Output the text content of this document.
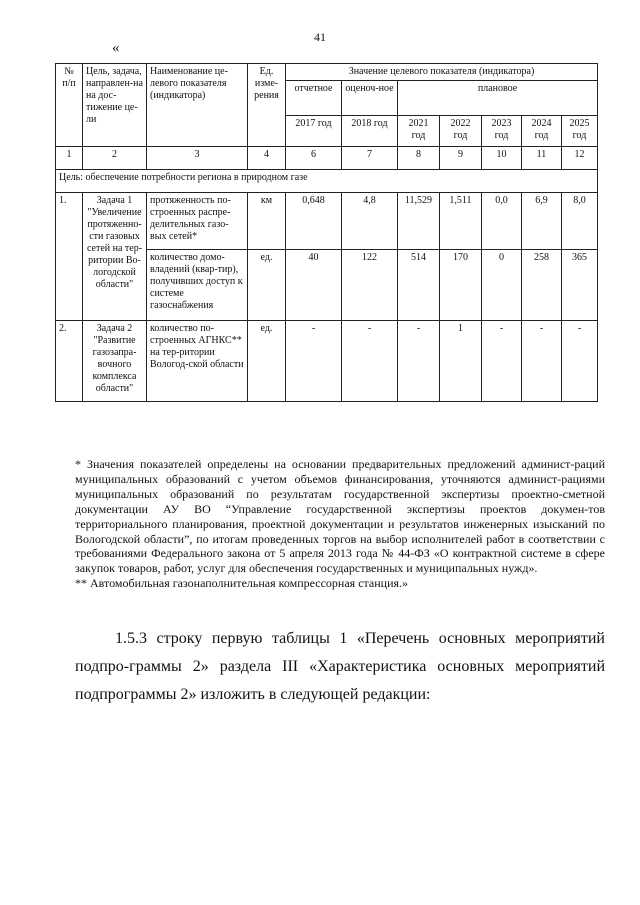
41
«
№ п/п	Цель, задача, направлен-на на дос-тижение це-ли	Наименование це-левого показателя (индикатора)	Ед. изме-рения	Значение целевого показателя (индикатора)						
				отчетное	оценоч-ное	плановое				
				2017 год	2018 год	2021 год	2022 год	2023 год	2024 год	2025 год
1	2	3	4	6	7	8	9	10	11	12
Цель: обеспечение потребности региона в природном газе										
1.	Задача 1 "Увеличение протяженно-сти газовых сетей на тер-ритории Во-логодской области"	протяженность по-строенных распре-делительных газо-вых сетей*	км	0,648	4,8	11,529	1,511	0,0	6,9	8,0
		количество домо-владений (квар-тир), получивших доступ к системе газоснабжения	ед.	40	122	514	170	0	258	365
2.	Задача 2 "Развитие газозапра-вочного комплекса области"	количество по-строенных АГНКС** на тер-ритории Вологод-ской области	ед.	-	-	-	1	-	-	-

* Значения показателей определены на основании предварительных предложений админист-раций муниципальных образований с учетом объемов финансирования, уточняются админист-рациями муниципальных образований по результатам государственной экспертизы проектно-сметной документации АУ ВО “Управление государственной экспертизы проектов докумен-тов территориального планирования, проектной документации и результатов инженерных изысканий по Вологодской области”, по итогам проведенных торгов на выбор исполнителей работ в соответствии с требованиями Федерального закона от 5 апреля 2013 года № 44-ФЗ «О контрактной системе в сфере закупок товаров, работ, услуг для обеспечения государственных и муниципальных нужд».

** Автомобильная газонаполнительная компрессорная станция.»

1.5.3 строку первую таблицы 1 «Перечень основных мероприятий подпро-граммы 2» раздела III «Характеристика основных мероприятий подпрограммы 2» изложить в следующей редакции:
